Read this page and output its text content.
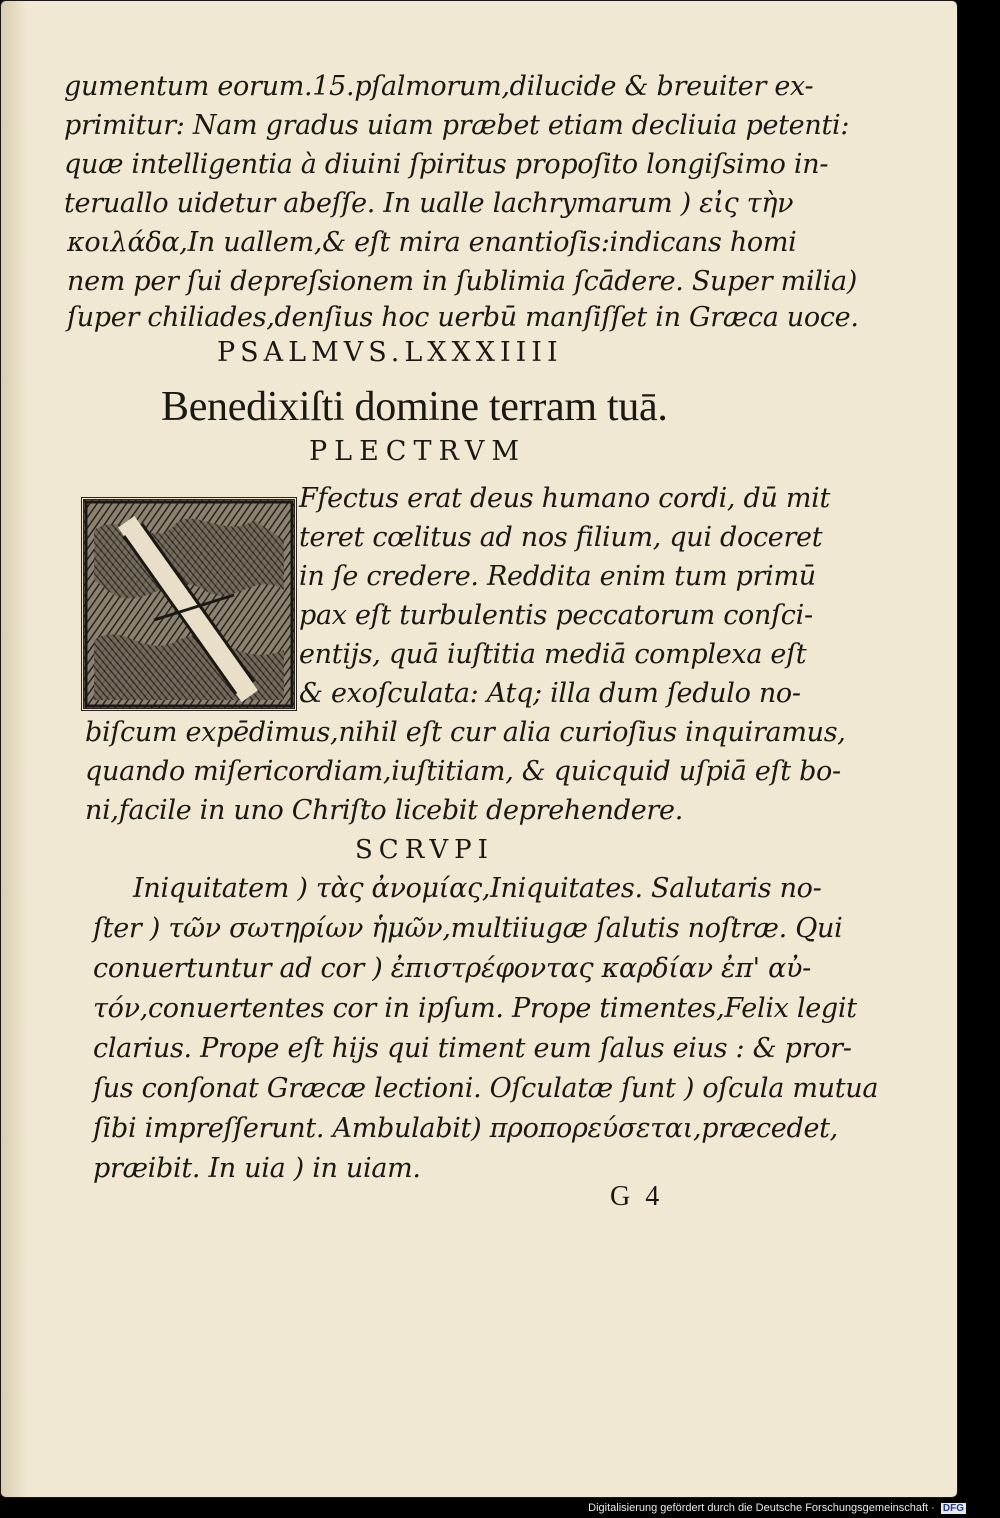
gumentum eorum.15.pſalmorum,dilucide & breuiter ex-
primitur: Nam gradus uiam præbet etiam decliuia petenti:
quæ intelligentia à diuini ſpiritus propoſito longiſsimo in-
teruallo uidetur abeſſe. In ualle lachrymarum ) εἰς τὴν
κοιλάδα,In uallem,& eſt mira enantioſis:indicans homi
nem per ſui depreſsionem in ſublimia ſcādere. Super milia)
ſuper chiliades,denſius hoc uerbū manſiſſet in Græca uoce.
PSALMVS.LXXXIIII
Benedixiſti domine terram tuā.
PLECTRVM
Ffectus erat deus humano cordi, dū mit
teret cœlitus ad nos filium, qui doceret
in ſe credere. Reddita enim tum primū
pax eſt turbulentis peccatorum conſci-
entijs, quā iuſtitia mediā complexa eſt
& exoſculata: Atq; illa dum ſedulo no-
biſcum expēdimus,nihil eſt cur alia curioſius inquiramus,
quando miſericordiam,iuſtitiam, & quicquid uſpiā eſt bo-
ni,facile in uno Chriſto licebit deprehendere.
SCRVPI
Iniquitatem ) τὰς ἀνομίας,Iniquitates. Salutaris no-
ſter ) τῶν σωτηρίων ἡμῶν,multiiugæ ſalutis noſtræ. Qui
conuertuntur ad cor ) ἐπιστρέφοντας καρδίαν ἐπ' αὐ-
τόν,conuertentes cor in ipſum. Prope timentes,Felix legit
clarius. Prope eſt hijs qui timent eum ſalus eius : & pror-
ſus conſonat Græcæ lectioni. Oſculatæ ſunt ) oſcula mutua
ſibi impreſſerunt. Ambulabit) προπορεύσεται,præcedet,
præibit. In uia ) in uiam.
G 4
Digitalisierung gefördert durch die Deutsche Forschungsgemeinschaft · DFG
